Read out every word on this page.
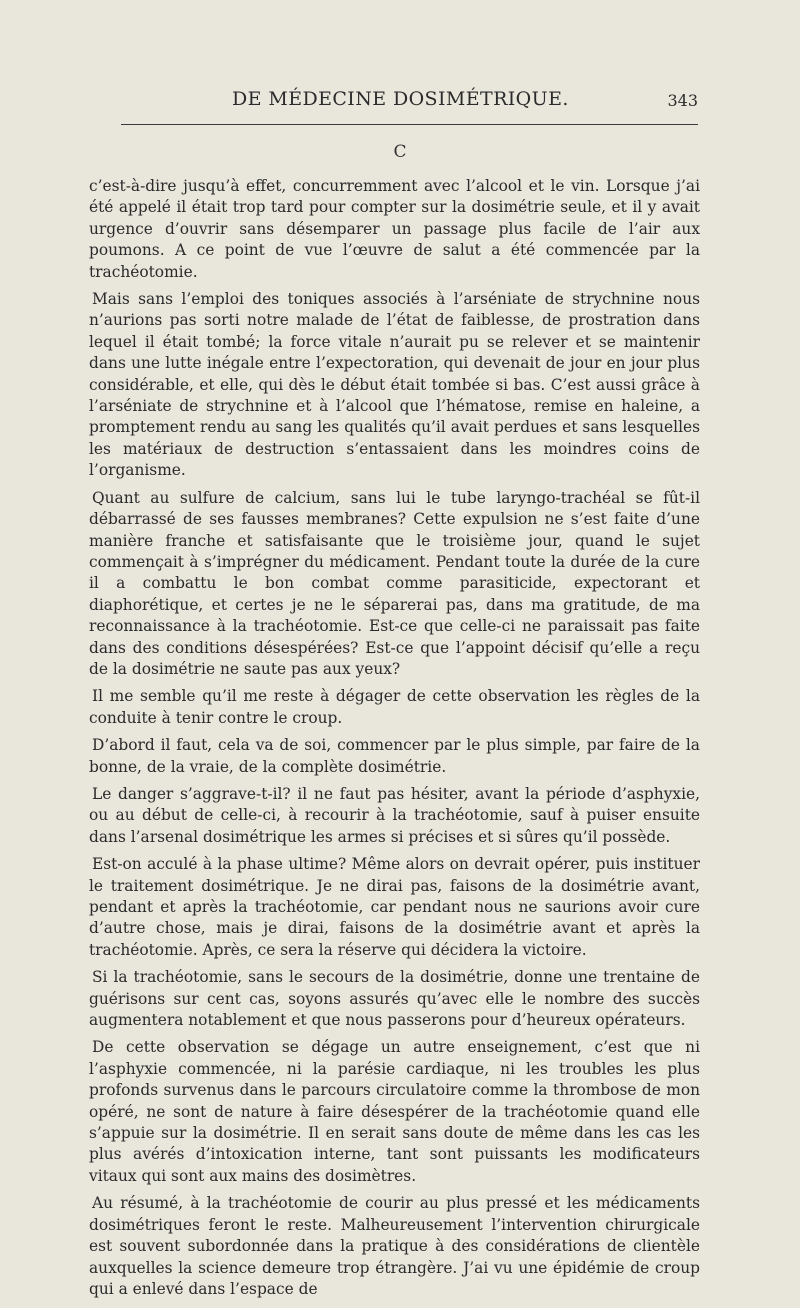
DE MÉDECINE DOSIMÉTRIQUE.	343
C

c’est-à-dire jusqu’à effet, concurremment avec l’alcool et le vin. Lorsque j’ai été appelé il était trop tard pour compter sur la dosimétrie seule, et il y avait urgence d’ouvrir sans désemparer un passage plus facile de l’air aux poumons. A ce point de vue l’œuvre de salut a été commencée par la trachéotomie.

Mais sans l’emploi des toniques associés à l’arséniate de strychnine nous n’aurions pas sorti notre malade de l’état de faiblesse, de prostration dans lequel il était tombé; la force vitale n’aurait pu se relever et se maintenir dans une lutte inégale entre l’expectoration, qui devenait de jour en jour plus considérable, et elle, qui dès le début était tombée si bas. C’est aussi grâce à l’arséniate de strychnine et à l’alcool que l’hématose, remise en haleine, a promptement rendu au sang les qualités qu’il avait perdues et sans lesquelles les matériaux de destruction s’entassaient dans les moindres coins de l’organisme.

Quant au sulfure de calcium, sans lui le tube laryngo-trachéal se fût-il débarrassé de ses fausses membranes? Cette expulsion ne s’est faite d’une manière franche et satisfaisante que le troisième jour, quand le sujet commençait à s’imprégner du médicament. Pendant toute la durée de la cure il a combattu le bon combat comme parasiticide, expectorant et diaphorétique, et certes je ne le séparerai pas, dans ma gratitude, de ma reconnaissance à la trachéotomie. Est-ce que celle-ci ne paraissait pas faite dans des conditions désespérées? Est-ce que l’appoint décisif qu’elle a reçu de la dosimétrie ne saute pas aux yeux?

Il me semble qu’il me reste à dégager de cette observation les règles de la conduite à tenir contre le croup.

D’abord il faut, cela va de soi, commencer par le plus simple, par faire de la bonne, de la vraie, de la complète dosimétrie.

Le danger s’aggrave-t-il? il ne faut pas hésiter, avant la période d’asphyxie, ou au début de celle-ci, à recourir à la trachéotomie, sauf à puiser ensuite dans l’arsenal dosimétrique les armes si précises et si sûres qu’il possède.

Est-on acculé à la phase ultime? Même alors on devrait opérer, puis instituer le traitement dosimétrique. Je ne dirai pas, faisons de la dosimétrie avant, pendant et après la trachéotomie, car pendant nous ne saurions avoir cure d’autre chose, mais je dirai, faisons de la dosimétrie avant et après la trachéotomie. Après, ce sera la réserve qui décidera la victoire.

Si la trachéotomie, sans le secours de la dosimétrie, donne une trentaine de guérisons sur cent cas, soyons assurés qu’avec elle le nombre des succès augmentera notablement et que nous passerons pour d’heureux opérateurs.

De cette observation se dégage un autre enseignement, c’est que ni l’asphyxie commencée, ni la parésie cardiaque, ni les troubles les plus profonds survenus dans le parcours circulatoire comme la thrombose de mon opéré, ne sont de nature à faire désespérer de la trachéotomie quand elle s’appuie sur la dosimétrie. Il en serait sans doute de même dans les cas les plus avérés d’intoxication interne, tant sont puissants les modificateurs vitaux qui sont aux mains des dosimètres.

Au résumé, à la trachéotomie de courir au plus pressé et les médicaments dosimétriques feront le reste. Malheureusement l’intervention chirurgicale est souvent subordonnée dans la pratique à des considérations de clientèle auxquelles la science demeure trop étrangère. J’ai vu une épidémie de croup qui a enlevé dans l’espace de
